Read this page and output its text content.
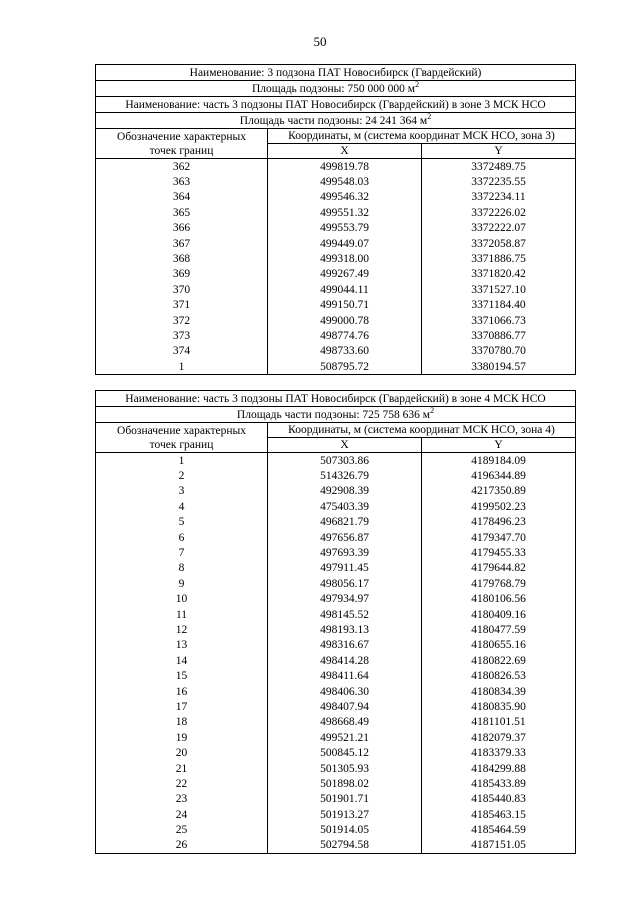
50
Наименование: 3 подзона ПАТ Новосибирск (Гвардейский)		
Площадь подзоны: 750 000 000 $м^2$
Наименование: часть 3 подзоны ПАТ Новосибирск (Гвардейский) в зоне 3 МСК НСО		
Площадь части подзоны: 24 241 364 $м^2$

Обозначение характерных
точек границ	Координаты, м (система координат МСК НСО, зона 3)	
	X	Y
362	499819.78	3372489.75
363	499548.03	3372235.55
364	499546.32	3372234.11
365	499551.32	3372226.02
366	499553.79	3372222.07
367	499449.07	3372058.87
368	499318.00	3371886.75
369	499267.49	3371820.42
370	499044.11	3371527.10
371	499150.71	3371184.40
372	499000.78	3371066.73
373	498774.76	3370886.77
374	498733.60	3370780.70
1	508795.72	3380194.57
Наименование: часть 3 подзоны ПАТ Новосибирск (Гвардейский) в зоне 4 МСК НСО		
Площадь части подзоны: 725 758 636 $м^2$

Обозначение характерных
точек границ	Координаты, м (система координат МСК НСО, зона 4)	
	X	Y
1	507303.86	4189184.09
2	514326.79	4196344.89
3	492908.39	4217350.89
4	475403.39	4199502.23
5	496821.79	4178496.23
6	497656.87	4179347.70
7	497693.39	4179455.33
8	497911.45	4179644.82
9	498056.17	4179768.79
10	497934.97	4180106.56
11	498145.52	4180409.16
12	498193.13	4180477.59
13	498316.67	4180655.16
14	498414.28	4180822.69
15	498411.64	4180826.53
16	498406.30	4180834.39
17	498407.94	4180835.90
18	498668.49	4181101.51
19	499521.21	4182079.37
20	500845.12	4183379.33
21	501305.93	4184299.88
22	501898.02	4185433.89
23	501901.71	4185440.83
24	501913.27	4185463.15
25	501914.05	4185464.59
26	502794.58	4187151.05
